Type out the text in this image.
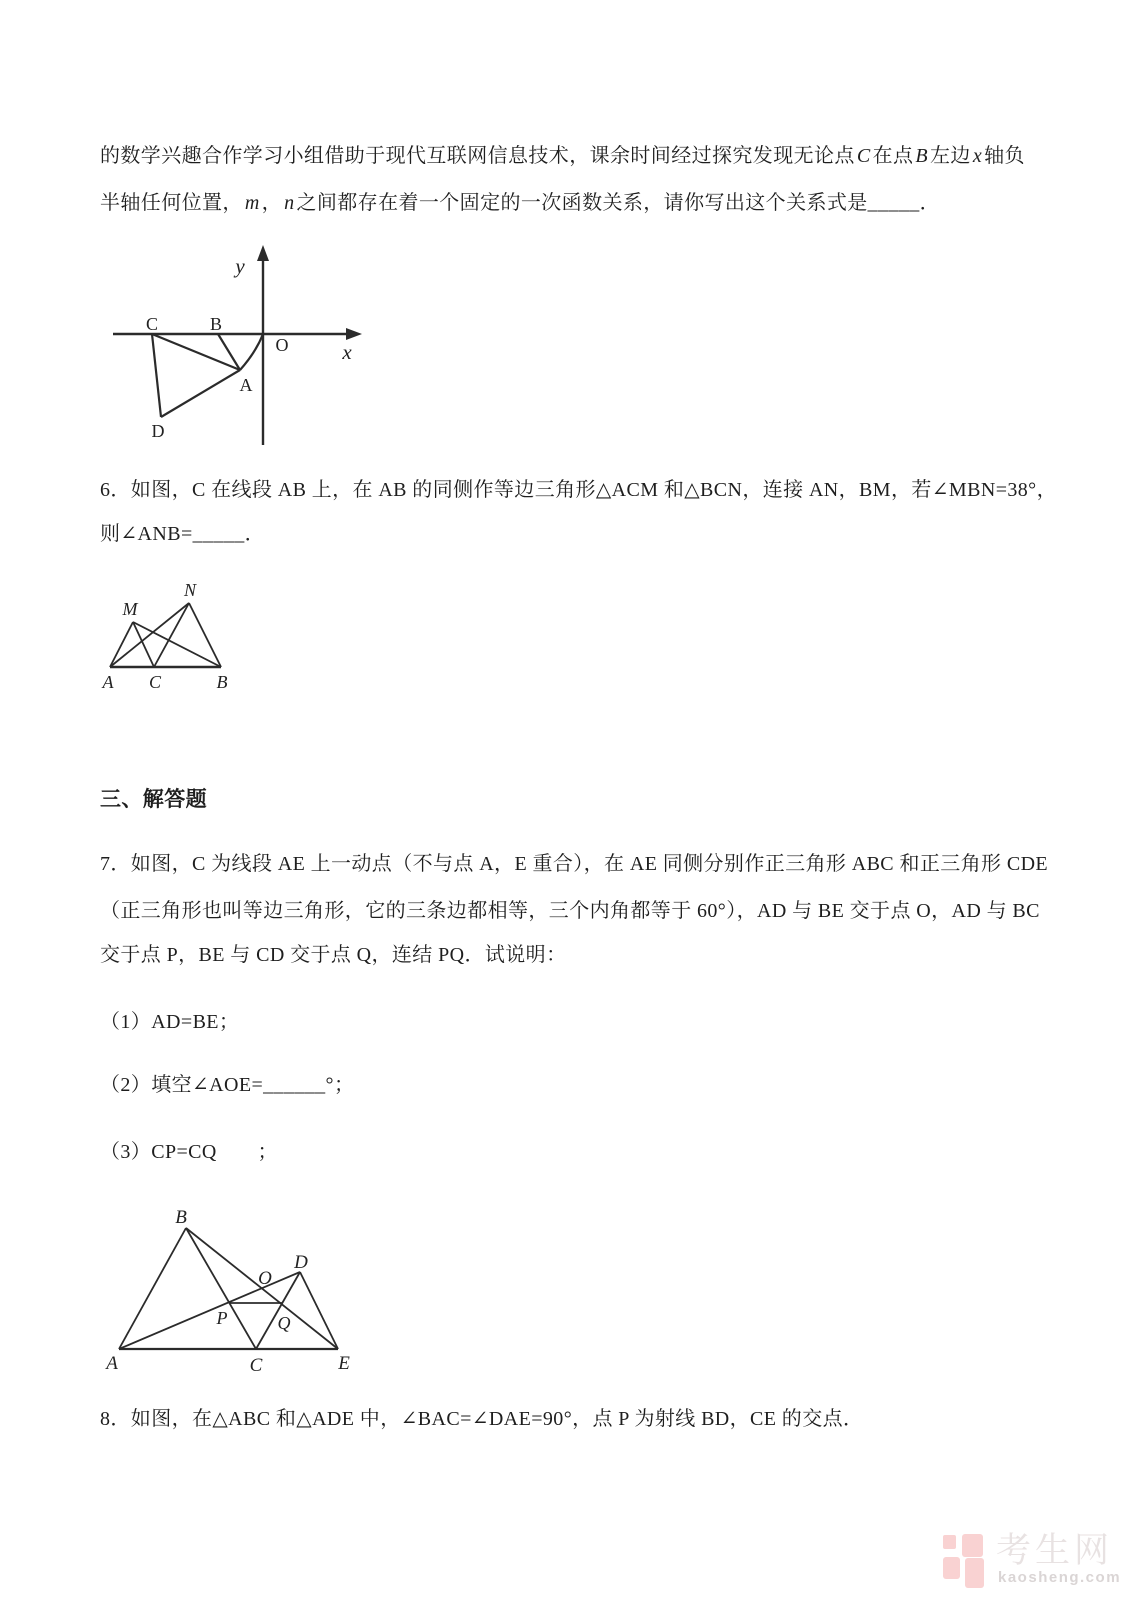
的数学兴趣合作学习小组借助于现代互联网信息技术，课余时间经过探究发现无论点 C 在点 B 左边 x 轴负
半轴任何位置， m ， n 之间都存在着一个固定的一次函数关系，请你写出这个关系式是_____．
y
x
O
C	B
A
D
6．如图，C 在线段 AB 上，在 AB 的同侧作等边三角形△ACM 和△BCN，连接 AN，BM，若∠MBN=38°，
则∠ANB=_____．
A C	B
M
N
三、解答题
7．如图，C 为线段 AE 上一动点（不与点 A，E 重合），在 AE 同侧分别作正三角形 ABC 和正三角形 CDE
（正三角形也叫等边三角形，它的三条边都相等，三个内角都等于 60°），AD 与 BE 交于点 O，AD 与 BC
交于点 P，BE 与 CD 交于点 Q，连结 PQ．试说明：
（1）AD=BE；
（2）填空∠AOE=______°；
（3）CP=CQ　　；
B
D
O
P	Q
A	C	E
8．如图，在△ABC 和△ADE 中，∠BAC=∠DAE=90°，点 P 为射线 BD，CE 的交点．
考生网
kaosheng.com
